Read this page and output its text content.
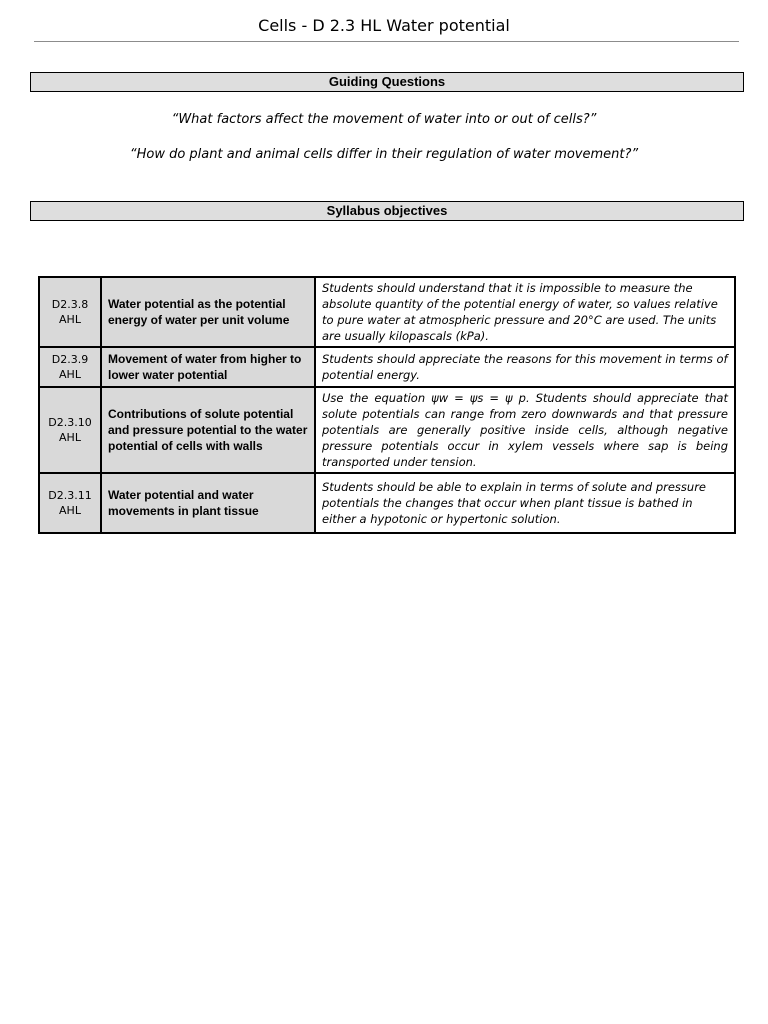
Cells - D 2.3 HL Water potential
Guiding Questions
“What factors affect the movement of water into or out of cells?”
“How do plant and animal cells differ in their regulation of water movement?”
Syllabus objectives
D2.3.8
AHL	Water potential as the potential energy of water per unit volume	Students should understand that it is impossible to measure the absolute quantity of the potential energy of water, so values relative to pure water at atmospheric pressure and 20°C are used. The units are usually kilopascals (kPa).

D2.3.9
AHL	Movement of water from higher to lower water potential	Students should appreciate the reasons for this movement in terms of potential energy.

D2.3.10
AHL	Contributions of solute potential and pressure potential to the water potential of cells with walls	Use the equation ψw = ψs = ψ p. Students should appreciate that solute potentials can range from zero downwards and that pressure potentials are generally positive inside cells, although negative pressure potentials occur in xylem vessels where sap is being transported under tension.

D2.3.11
AHL	Water potential and water movements in plant tissue	Students should be able to explain in terms of solute and pressure potentials the changes that occur when plant tissue is bathed in either a hypotonic or hypertonic solution.
